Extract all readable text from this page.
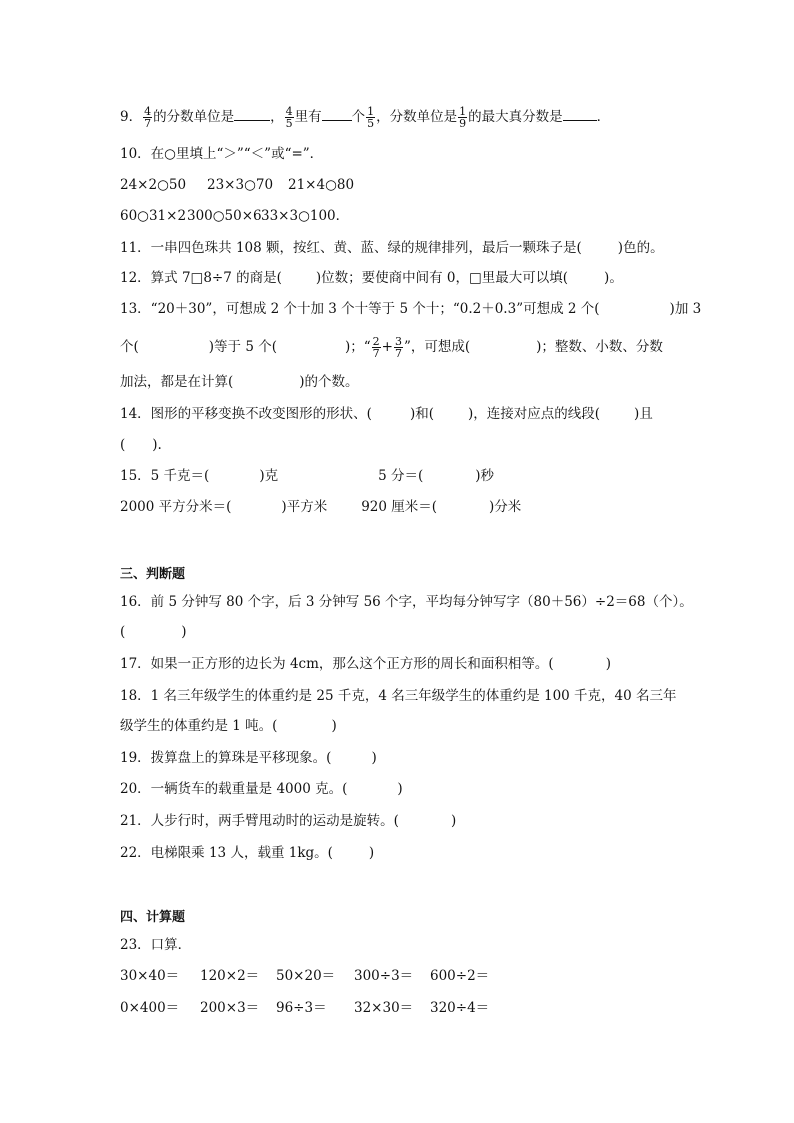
9． $\frac{4}{7}$ 的分数单位是	， $\frac{4}{5}$ 里有 个 $\frac{1}{5}$ ，分数单位是 $\frac{1}{9}$ 的最大真分数是	．
10．在○里填上“＞”“＜”或“=”．
24×2○50 23×3○70 21×4○80
60○31×2300○50×633×3○100．
11．一串四色珠共 108 颗，按红、黄、蓝、绿的规律排列，最后一颗珠子是(	)色的。
12．算式 7□8÷7 的商是(	)位数；要使商中间有 0，□里最大可以填(	)。
13．“20＋30”，可想成 2 个十加 3 个十等于 5 个十；“0.2＋0.3”可想成 2 个(	)加 3
个(	)等于 5 个(	)；“ $\frac{2}{7} + \frac{3}{7}$ ”，可想成(	)；整数、小数、分数
加法，都是在计算(	)的个数。
14．图形的平移变换不改变图形的形状、(	)和(	)，连接对应点的线段(	)且
(　　).
15．5 千克＝(	)克	5 分＝(	)秒
2000 平方分米＝(	)平方米	920 厘米＝(	)分米
三、判断题
16．前 5 分钟写 80 个字，后 3 分钟写 56 个字，平均每分钟写字（80＋56）÷2＝68（个）。
(	)
17．如果一正方形的边长为 4cm，那么这个正方形的周长和面积相等。(	)
18．1 名三年级学生的体重约是 25 千克，4 名三年级学生的体重约是 100 千克，40 名三年
级学生的体重约是 1 吨。(	)
19．拨算盘上的算珠是平移现象。(	)
20．一辆货车的载重量是 4000 克。(	)
21．人步行时，两手臂甩动时的运动是旋转。(	)
22．电梯限乘 13 人，载重 1kg。(	)
四、计算题
23．口算．
30×40＝ 120×2＝ 50×20＝ 300÷3＝ 600÷2＝
0×400＝ 200×3＝ 96÷3＝ 32×30＝ 320÷4＝
